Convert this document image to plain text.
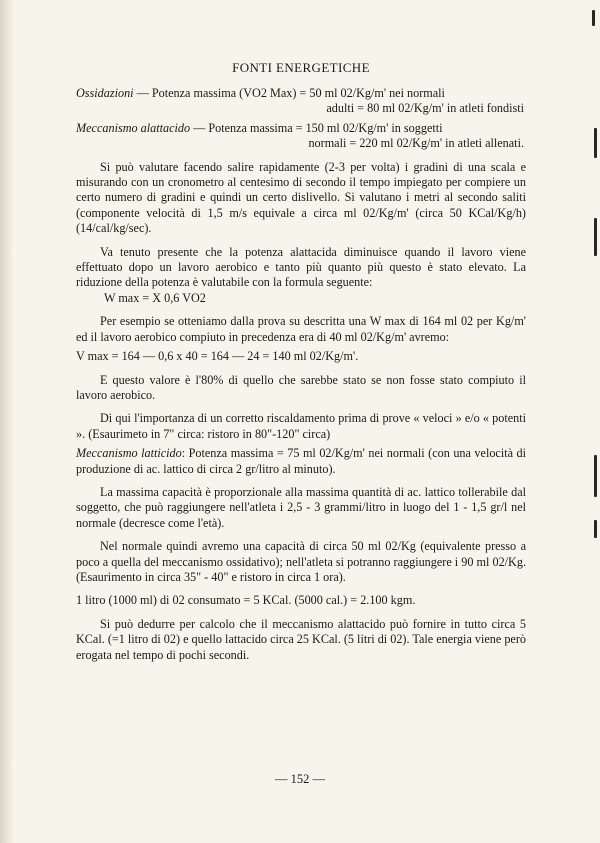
FONTI ENERGETICHE
Ossidazioni — Potenza massima (VO2 Max) = 50 ml 02/Kg/m' nei normali
adulti = 80 ml 02/Kg/m' in atleti fondisti
Meccanismo alattacido — Potenza massima = 150 ml 02/Kg/m' in soggetti
normali = 220 ml 02/Kg/m' in atleti allenati.

Si può valutare facendo salire rapidamente (2-3 per volta) i gradini di una scala e misurando con un cronometro al centesimo di secondo il tempo impiegato per compiere un certo numero di gradini e quindi un certo dislivello. Si valutano i metri al secondo saliti (componente velocità di 1,5 m/s equivale a circa ml 02/Kg/m' (circa 50 KCal/Kg/h) (14/cal/kg/sec).

Va tenuto presente che la potenza alattacida diminuisce quando il lavoro viene effettuato dopo un lavoro aerobico e tanto più quanto più questo è stato elevato. La riduzione della potenza è valutabile con la formula seguente:

W max = X 0,6 VO2

Per esempio se otteniamo dalla prova su descritta una W max di 164 ml 02 per Kg/m' ed il lavoro aerobico compiuto in precedenza era di 40 ml 02/Kg/m' avremo:

V max = 164 — 0,6 x 40 = 164 — 24 = 140 ml 02/Kg/m'.

E questo valore è l'80% di quello che sarebbe stato se non fosse stato compiuto il lavoro aerobico.

Di qui l'importanza di un corretto riscaldamento prima di prove « veloci » e/o « potenti ». (Esaurimeto in 7" circa: ristoro in 80"-120" circa)

Meccanismo latticido: Potenza massima = 75 ml 02/Kg/m' nei normali (con una velocità di produzione di ac. lattico di circa 2 gr/litro al minuto).

La massima capacità è proporzionale alla massima quantità di ac. lattico tollerabile dal soggetto, che può raggiungere nell'atleta i 2,5 - 3 grammi/litro in luogo del 1 - 1,5 gr/l nel normale (decresce come l'età).

Nel normale quindi avremo una capacità di circa 50 ml 02/Kg (equivalente presso a poco a quella del meccanismo ossidativo); nell'atleta si potranno raggiungere i 90 ml 02/Kg. (Esaurimento in circa 35" - 40" e ristoro in circa 1 ora).

1 litro (1000 ml) di 02 consumato = 5 KCal. (5000 cal.) = 2.100 kgm.

Si può dedurre per calcolo che il meccanismo alattacido può fornire in tutto circa 5 KCal. (=1 litro di 02) e quello lattacido circa 25 KCal. (5 litri di 02). Tale energia viene però erogata nel tempo di pochi secondi.

— 152 —
